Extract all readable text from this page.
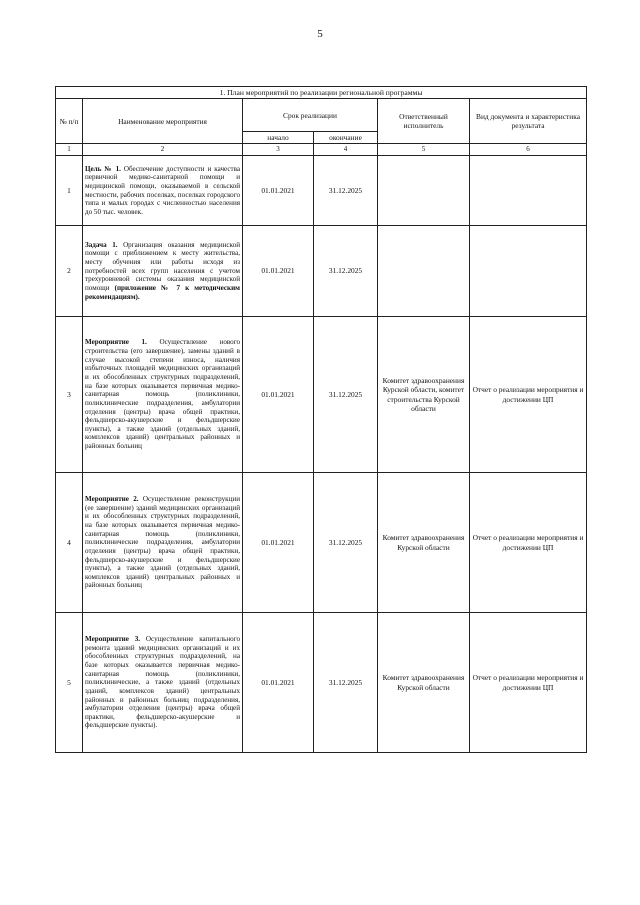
5
1. План мероприятий по реализации региональной программы					
№ п/п	Наименование мероприятия	Срок реализации		Ответственный исполнитель	Вид документа и характеристика результата
		начало	окончание		
1	2	3	4	5	6
1	Цель № 1. Обеспечение доступности и качества первичной медико-санитарной помощи и медицинской помощи, оказываемой в сельской местности, рабочих поселках, поселках городского типа и малых городах с численностью населения до 50 тыс. человек.	01.01.2021	31.12.2025		
2	Задача 1. Организация оказания медицинской помощи с приближением к месту жительства, месту обучения или работы исходя из потребностей всех групп населения с учетом трехуровневой системы оказания медицинской помощи (приложение № 7 к методическим рекомендациям).	01.01.2021	31.12.2025		
3	Мероприятие 1. Осуществление нового строительства (его завершение), замены зданий в случае высокой степени износа, наличия избыточных площадей медицинских организаций и их обособленных структурных подразделений, на базе которых оказывается первичная медико-санитарная помощь (поликлиники, поликлинические подразделения, амбулатории отделения (центры) врача общей практики, фельдшерско-акушерские и фельдшерские пункты), а также зданий (отдельных зданий, комплексов зданий) центральных районных и районных больниц	01.01.2021	31.12.2025	Комитет здравоохранения Курской области, комитет строительства Курской области	Отчет о реализации мероприятия и достижении ЦП
4	Мероприятие 2. Осуществление реконструкции (ее завершение) зданий медицинских организаций и их обособленных структурных подразделений, на базе которых оказывается первичная медико-санитарная помощь (поликлиники, поликлинические подразделения, амбулатории отделения (центры) врача общей практики, фельдшерско-акушерские и фельдшерские пункты), а также зданий (отдельных зданий, комплексов зданий) центральных районных и районных больниц	01.01.2021	31.12.2025	Комитет здравоохранения Курской области	Отчет о реализации мероприятия и достижении ЦП
5	Мероприятие 3. Осуществление капитального ремонта зданий медицинских организаций и их обособленных структурных подразделений, на базе которых оказывается первичная медико-санитарная помощь (поликлиники, поликлинические, а также зданий (отдельных зданий, комплексов зданий) центральных районных и районных больниц подразделения, амбулатории отделения (центры) врача общей практики, фельдшерско-акушерские и фельдшерские пункты).	01.01.2021	31.12.2025	Комитет здравоохранения Курской области	Отчет о реализации мероприятия и достижении ЦП
